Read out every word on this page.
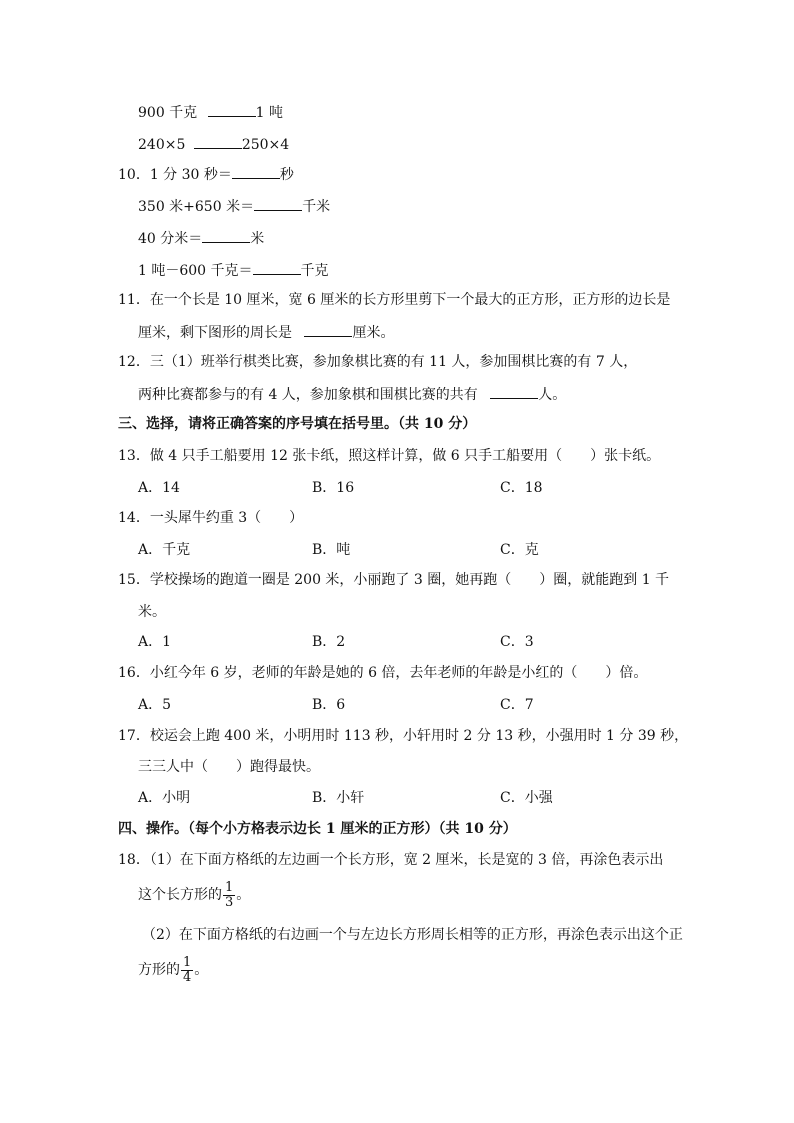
900 千克	1 吨
240×5	250×4
10．1 分 30 秒＝	秒
350 米+650 米＝	千米
40 分米＝	米
1 吨－600 千克＝	千克
11．在一个长是 10 厘米，宽 6 厘米的长方形里剪下一个最大的正方形，正方形的边长是
厘米，剩下图形的周长是	厘米。
12．三（1）班举行棋类比赛，参加象棋比赛的有 11 人，参加围棋比赛的有 7 人，
两种比赛都参与的有 4 人，参加象棋和围棋比赛的共有	人。
三、选择，请将正确答案的序号填在括号里。（共 10 分）
13．做 4 只手工船要用 12 张卡纸，照这样计算，做 6 只手工船要用（　　）张卡纸。
A．14	B．16	C．18
14．一头犀牛约重 3（　　）
A．千克	B．吨	C．克
15．学校操场的跑道一圈是 200 米，小丽跑了 3 圈，她再跑（　　）圈，就能跑到 1 千
米。
A．1	B．2	C．3
16．小红今年 6 岁，老师的年龄是她的 6 倍，去年老师的年龄是小红的（　　）倍。
A．5	B．6	C．7
17．校运会上跑 400 米，小明用时 113 秒，小轩用时 2 分 13 秒，小强用时 1 分 39 秒，
三三人中（　　）跑得最快。
A．小明	B．小轩	C．小强
四、操作。（每个小方格表示边长 1 厘米的正方形）（共 10 分）
18．（1）在下面方格纸的左边画一个长方形，宽 2 厘米，长是宽的 3 倍，再涂色表示出
这个长方形的 $\frac{1}{3}$ 。
（2）在下面方格纸的右边画一个与左边长方形周长相等的正方形，再涂色表示出这个正
方形的 $\frac{1}{4}$ 。
